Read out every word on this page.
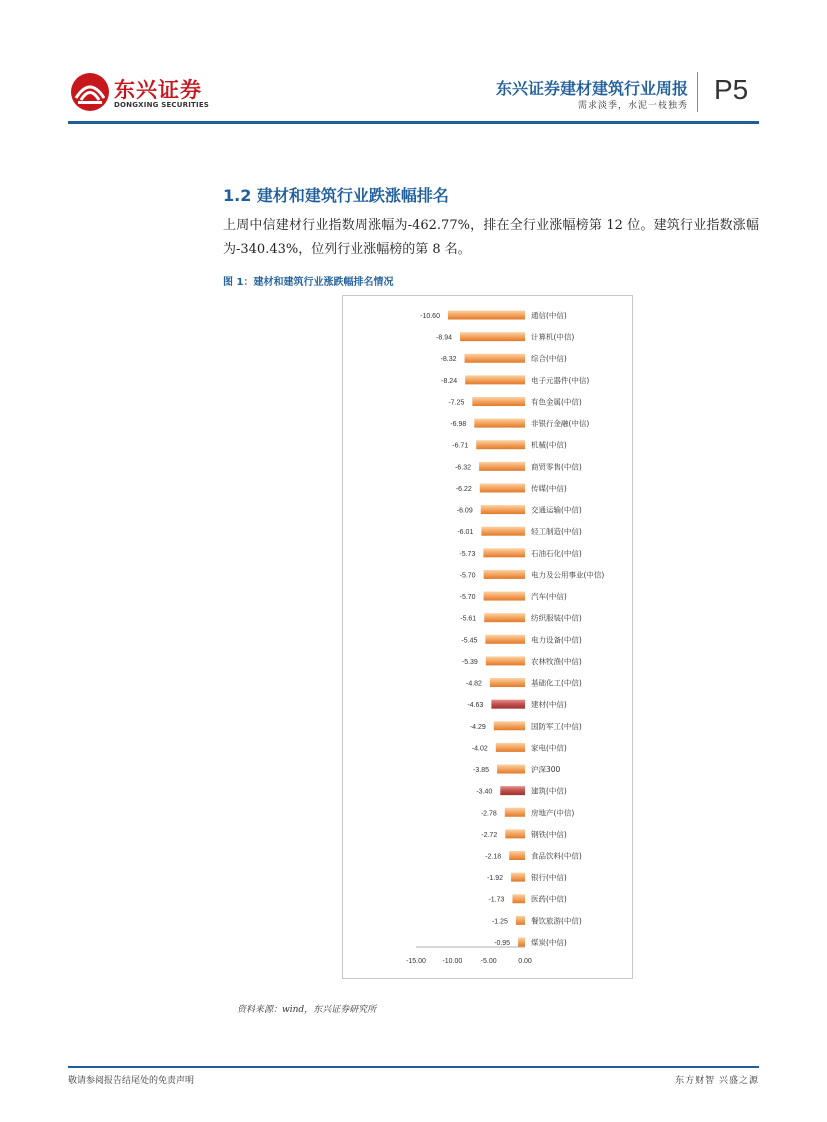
东兴证券
DONGXING SECURITIES
东兴证券建材建筑行业周报
需求淡季，水泥一枝独秀
P5
1.2 建材和建筑行业跌涨幅排名
上周中信建材行业指数周涨幅为-462.77%，排在全行业涨幅榜第 12 位。建筑行业指数涨幅为-340.43%，位列行业涨幅榜的第 8 名。
图 1：建材和建筑行业涨跌幅排名情况
-10.60	通信(中信)
-8.94	计算机(中信)
-8.32	综合(中信)
-8.24	电子元器件(中信)
-7.25	有色金属(中信)
-6.98	非银行金融(中信)
-6.71	机械(中信)
-6.32	商贸零售(中信)
-6.22	传媒(中信)
-6.09	交通运输(中信)
-6.01	轻工制造(中信)
-5.73	石油石化(中信)
-5.70	电力及公用事业(中信)
-5.70	汽车(中信)
-5.61	纺织服装(中信)
-5.45	电力设备(中信)
-5.39	农林牧渔(中信)
-4.82	基础化工(中信)
-4.63	建材(中信)
-4.29	国防军工(中信)
-4.02	家电(中信)
-3.85	沪深300
-3.40	建筑(中信)
-2.78	房地产(中信)
-2.72	钢铁(中信)
-2.18	食品饮料(中信)
-1.92	银行(中信)
-1.73	医药(中信)
-1.25	餐饮旅游(中信)
-0.95	煤炭(中信)
-15.00 -10.00	-5.00	0.00
资料来源：wind，东兴证券研究所
敬请参阅报告结尾处的免责声明	东方财智 兴盛之源
